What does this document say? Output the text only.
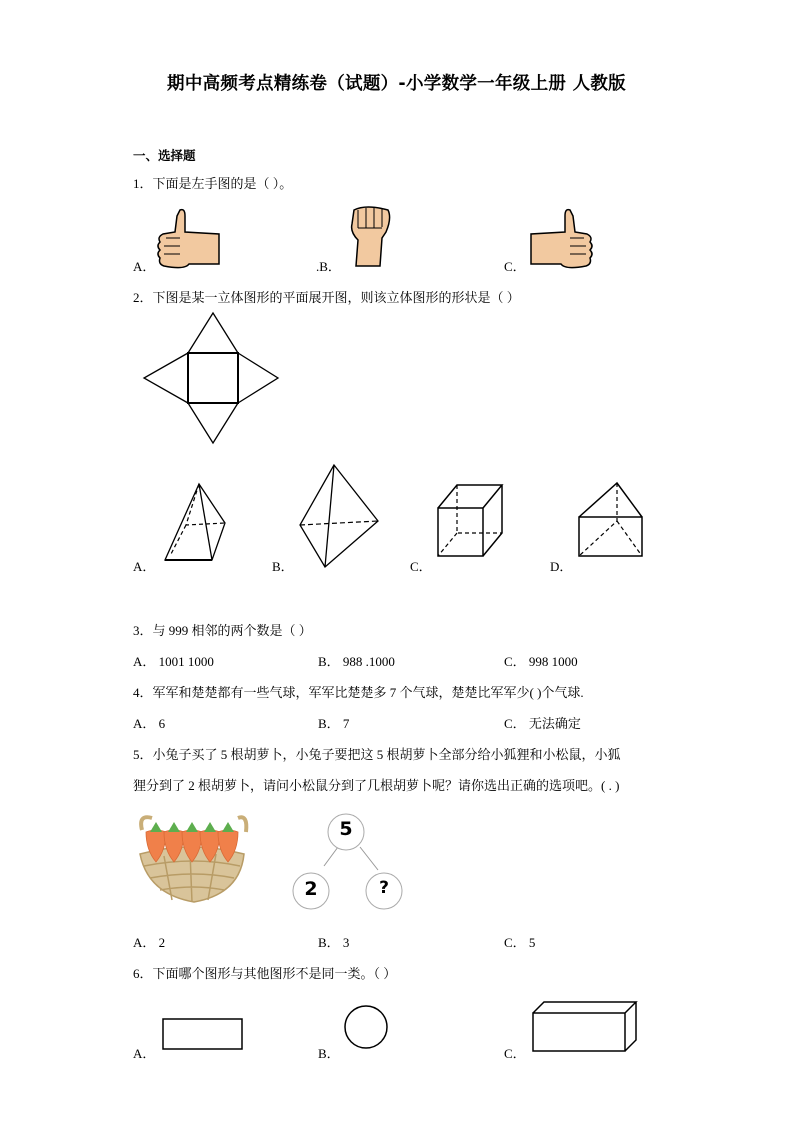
期中高频考点精练卷（试题）-小学数学一年级上册 人教版
一、选择题
1．下面是左手图的是（ ）。
A．	.B．	C．
2．下图是某一立体图形的平面展开图，则该立体图形的形状是（ ）
A．	B．	C．	D．
3．与 999 相邻的两个数是（ ）
A． 1001 1000	B． 988 .1000	C． 998 1000
4．军军和楚楚都有一些气球，军军比楚楚多 7 个气球，楚楚比军军少( )个气球.
A． 6	B． 7	C． 无法确定
5．小兔子买了 5 根胡萝卜，小兔子要把这 5 根胡萝卜全部分给小狐狸和小松鼠，小狐
狸分到了 2 根胡萝卜，请问小松鼠分到了几根胡萝卜呢？请你选出正确的选项吧。( . )
5
2	?
A． 2	B． 3	C． 5
6．下面哪个图形与其他图形不是同一类。（ ）
A．	B．	C．
